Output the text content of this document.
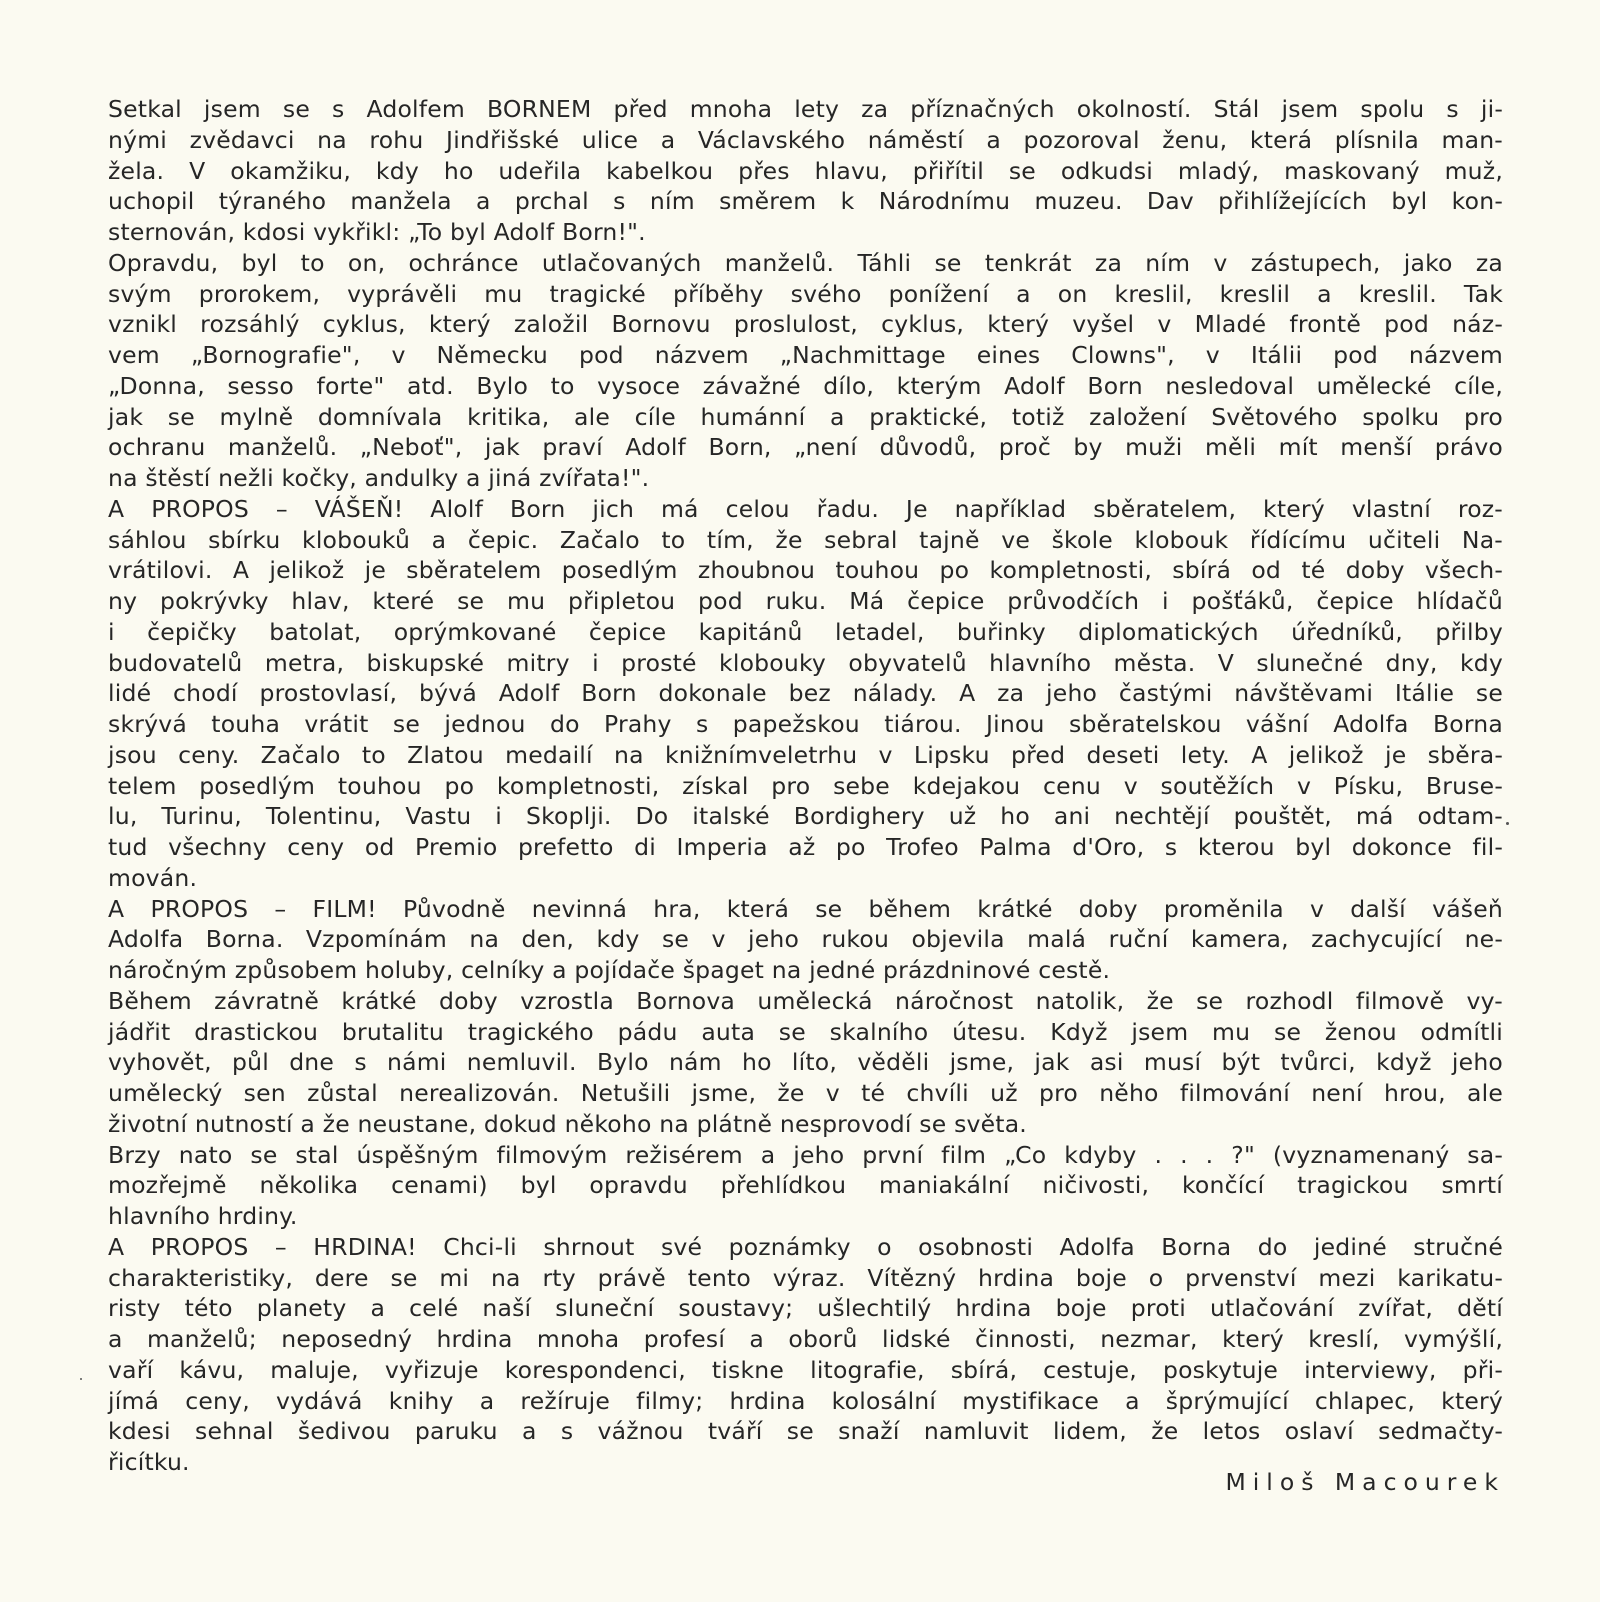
Setkal jsem se s Adolfem BORNEM před mnoha lety za příznačných okolností. Stál jsem spolu s ji-
nými zvědavci na rohu Jindřišské ulice a Václavského náměstí a pozoroval ženu, která plísnila man-
žela. V okamžiku, kdy ho udeřila kabelkou přes hlavu, přiřítil se odkudsi mladý, maskovaný muž,
uchopil týraného manžela a prchal s ním směrem k Národnímu muzeu. Dav přihlížejících byl kon-
sternován, kdosi vykřikl: „To byl Adolf Born!".
Opravdu, byl to on, ochránce utlačovaných manželů. Táhli se tenkrát za ním v zástupech, jako za
svým prorokem, vyprávěli mu tragické příběhy svého ponížení a on kreslil, kreslil a kreslil. Tak
vznikl rozsáhlý cyklus, který založil Bornovu proslulost, cyklus, který vyšel v Mladé frontě pod náz-
vem „Bornografie", v Německu pod názvem „Nachmittage eines Clowns", v Itálii pod názvem
„Donna, sesso forte" atd. Bylo to vysoce závažné dílo, kterým Adolf Born nesledoval umělecké cíle,
jak se mylně domnívala kritika, ale cíle humánní a praktické, totiž založení Světového spolku pro
ochranu manželů. „Neboť", jak praví Adolf Born, „není důvodů, proč by muži měli mít menší právo
na štěstí nežli kočky, andulky a jiná zvířata!".
A PROPOS – VÁŠEŇ! Alolf Born jich má celou řadu. Je například sběratelem, který vlastní roz-
sáhlou sbírku klobouků a čepic. Začalo to tím, že sebral tajně ve škole klobouk řídícímu učiteli Na-
vrátilovi. A jelikož je sběratelem posedlým zhoubnou touhou po kompletnosti, sbírá od té doby všech-
ny pokrývky hlav, které se mu připletou pod ruku. Má čepice průvodčích i pošťáků, čepice hlídačů
i čepičky batolat, oprýmkované čepice kapitánů letadel, buřinky diplomatických úředníků, přilby
budovatelů metra, biskupské mitry i prosté klobouky obyvatelů hlavního města. V slunečné dny, kdy
lidé chodí prostovlasí, bývá Adolf Born dokonale bez nálady. A za jeho častými návštěvami Itálie se
skrývá touha vrátit se jednou do Prahy s papežskou tiárou. Jinou sběratelskou vášní Adolfa Borna
jsou ceny. Začalo to Zlatou medailí na knižnímveletrhu v Lipsku před deseti lety. A jelikož je sběra-
telem posedlým touhou po kompletnosti, získal pro sebe kdejakou cenu v soutěžích v Písku, Bruse-
lu, Turinu, Tolentinu, Vastu i Skoplji. Do italské Bordighery už ho ani nechtějí pouštět, má odtam-
tud všechny ceny od Premio prefetto di Imperia až po Trofeo Palma d'Oro, s kterou byl dokonce fil-
mován.
A PROPOS – FILM! Původně nevinná hra, která se během krátké doby proměnila v další vášeň
Adolfa Borna. Vzpomínám na den, kdy se v jeho rukou objevila malá ruční kamera, zachycující ne-
náročným způsobem holuby, celníky a pojídače špaget na jedné prázdninové cestě.
Během závratně krátké doby vzrostla Bornova umělecká náročnost natolik, že se rozhodl filmově vy-
jádřit drastickou brutalitu tragického pádu auta se skalního útesu. Když jsem mu se ženou odmítli
vyhovět, půl dne s námi nemluvil. Bylo nám ho líto, věděli jsme, jak asi musí být tvůrci, když jeho
umělecký sen zůstal nerealizován. Netušili jsme, že v té chvíli už pro něho filmování není hrou, ale
životní nutností a že neustane, dokud někoho na plátně nesprovodí se světa.
Brzy nato se stal úspěšným filmovým režisérem a jeho první film „Co kdyby . . . ?" (vyznamenaný sa-
mozřejmě několika cenami) byl opravdu přehlídkou maniakální ničivosti, končící tragickou smrtí
hlavního hrdiny.
A PROPOS – HRDINA! Chci-li shrnout své poznámky o osobnosti Adolfa Borna do jediné stručné
charakteristiky, dere se mi na rty právě tento výraz. Vítězný hrdina boje o prvenství mezi karikatu-
risty této planety a celé naší sluneční soustavy; ušlechtilý hrdina boje proti utlačování zvířat, dětí
a manželů; neposedný hrdina mnoha profesí a oborů lidské činnosti, nezmar, který kreslí, vymýšlí,
vaří kávu, maluje, vyřizuje korespondenci, tiskne litografie, sbírá, cestuje, poskytuje interviewy, při-
jímá ceny, vydává knihy a režíruje filmy; hrdina kolosální mystifikace a šprýmující chlapec, který
kdesi sehnal šedivou paruku a s vážnou tváří se snaží namluvit lidem, že letos oslaví sedmačty-
řicítku.
Miloš Macourek
